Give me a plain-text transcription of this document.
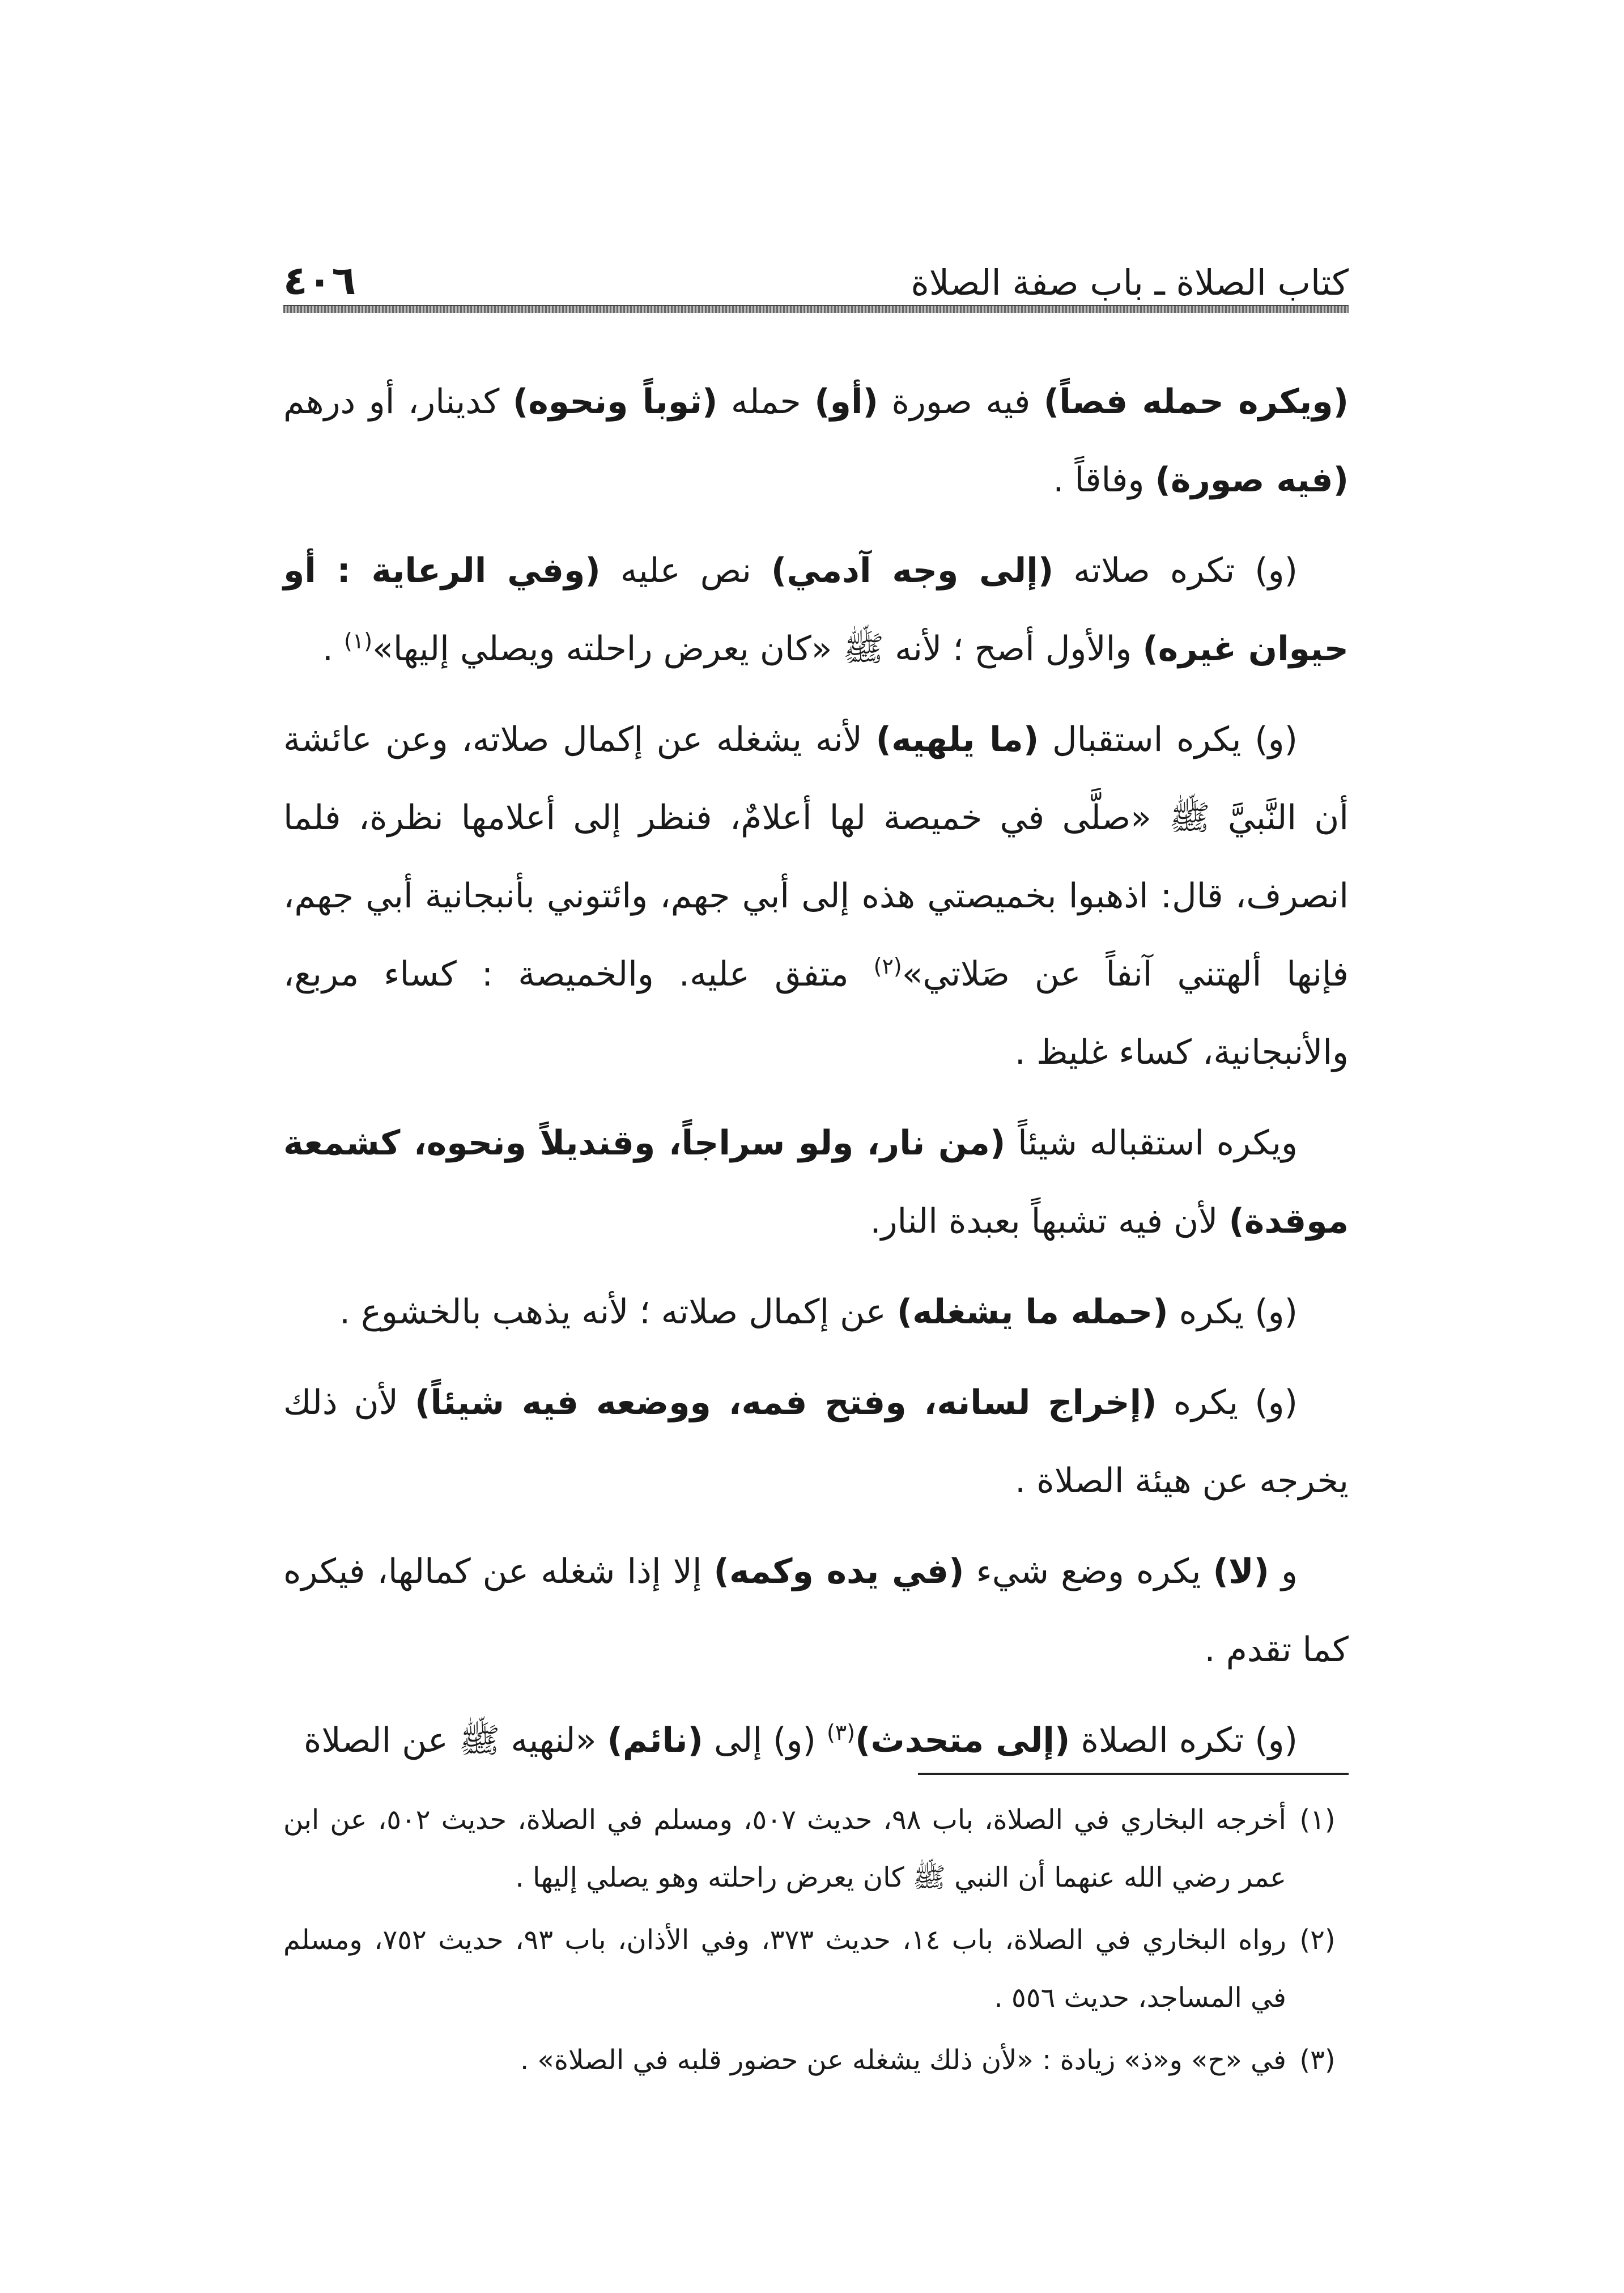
كتاب الصلاة ـ باب صفة الصلاة
٤٠٦

(ويكره حمله فصاً) فيه صورة (أو) حمله (ثوباً ونحوه) كدينار، أو درهم (فيه صورة) وفاقاً .

(و) تكره صلاته (إلى وجه آدمي) نص عليه (وفي الرعاية : أو حيوان غيره) والأول أصح ؛ لأنه ﷺ «كان يعرض راحلته ويصلي إليها»$^{(١)}$ .

(و) يكره استقبال (ما يلهيه) لأنه يشغله عن إكمال صلاته، وعن عائشة أن النَّبيَّ ﷺ «صلَّى في خميصة لها أعلامٌ، فنظر إلى أعلامها نظرة، فلما انصرف، قال: اذهبوا بخميصتي هذه إلى أبي جهم، وائتوني بأنبجانية أبي جهم، فإنها ألهتني آنفاً عن صَلاتي»$^{(٢)}$ متفق عليه. والخميصة : كساء مربع، والأنبجانية، كساء غليظ .

ويكره استقباله شيئاً (من نار، ولو سراجاً، وقنديلاً ونحوه، كشمعة موقدة) لأن فيه تشبهاً بعبدة النار.

(و) يكره (حمله ما يشغله) عن إكمال صلاته ؛ لأنه يذهب بالخشوع .

(و) يكره (إخراج لسانه، وفتح فمه، ووضعه فيه شيئاً) لأن ذلك يخرجه عن هيئة الصلاة .

و (لا) يكره وضع شيء (في يده وكمه) إلا إذا شغله عن كمالها، فيكره كما تقدم .

(و) تكره الصلاة (إلى متحدث)$^{(٣)}$ (و) إلى (نائم) «لنهيه ﷺ عن الصلاة

(١)
أخرجه البخاري في الصلاة، باب ٩٨، حديث ٥٠٧، ومسلم في الصلاة، حديث ٥٠٢، عن ابن عمر رضي الله عنهما أن النبي ﷺ كان يعرض راحلته وهو يصلي إليها .
(٢)
رواه البخاري في الصلاة، باب ١٤، حديث ٣٧٣، وفي الأذان، باب ٩٣، حديث ٧٥٢، ومسلم في المساجد، حديث ٥٥٦ .
(٣)
في «ح» و«ذ» زيادة : «لأن ذلك يشغله عن حضور قلبه في الصلاة» .
